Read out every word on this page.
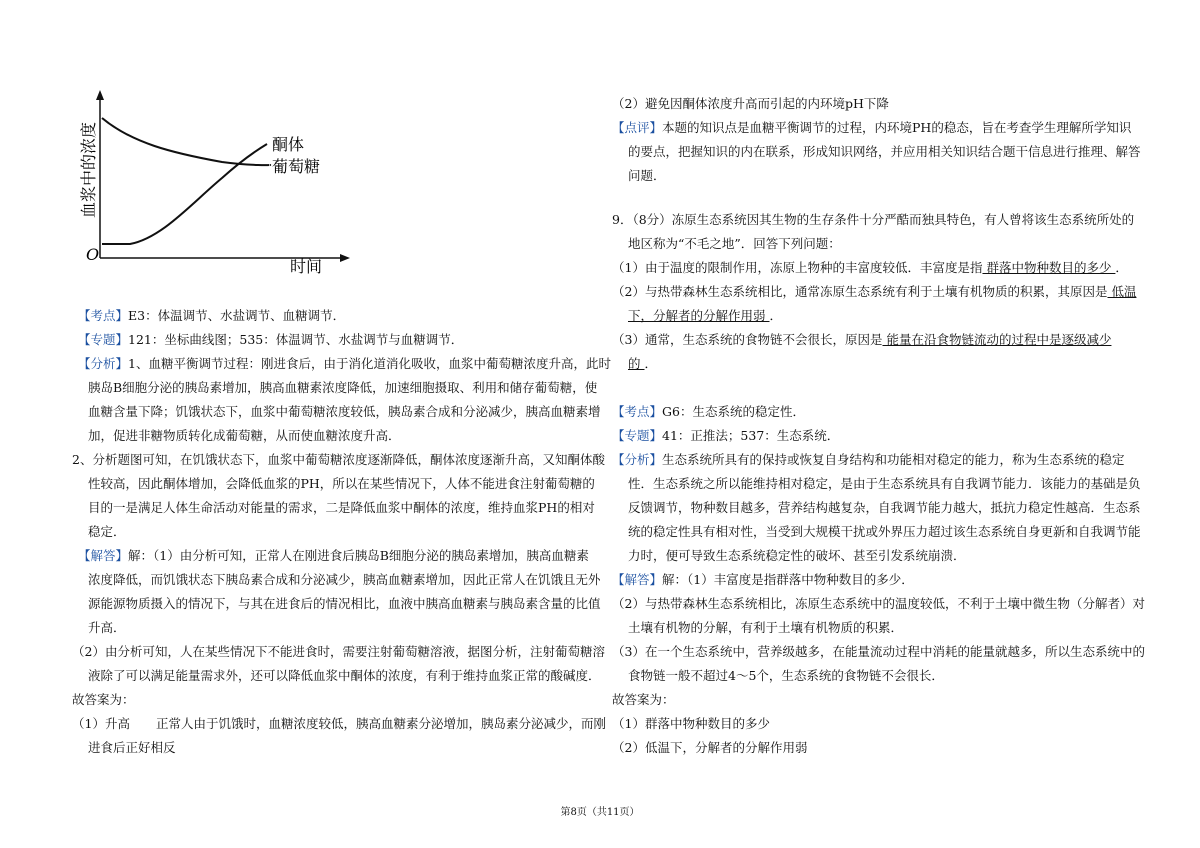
血浆中的浓度
O
时间
酮体
葡萄糖
【考点】E3：体温调节、水盐调节、血糖调节．
【专题】121：坐标曲线图；535：体温调节、水盐调节与血糖调节．
【分析】1、血糖平衡调节过程：刚进食后，由于消化道消化吸收，血浆中葡萄糖浓度升高，此时
胰岛B细胞分泌的胰岛素增加，胰高血糖素浓度降低，加速细胞摄取、利用和储存葡萄糖，使
血糖含量下降；饥饿状态下，血浆中葡萄糖浓度较低，胰岛素合成和分泌减少，胰高血糖素增
加，促进非糖物质转化成葡萄糖，从而使血糖浓度升高．
2、分析题图可知，在饥饿状态下，血浆中葡萄糖浓度逐渐降低，酮体浓度逐渐升高，又知酮体酸
性较高，因此酮体增加，会降低血浆的PH，所以在某些情况下，人体不能进食注射葡萄糖的
目的一是满足人体生命活动对能量的需求，二是降低血浆中酮体的浓度，维持血浆PH的相对
稳定．
【解答】解：（1）由分析可知，正常人在刚进食后胰岛B细胞分泌的胰岛素增加，胰高血糖素
浓度降低，而饥饿状态下胰岛素合成和分泌减少，胰高血糖素增加，因此正常人在饥饿且无外
源能源物质摄入的情况下，与其在进食后的情况相比，血液中胰高血糖素与胰岛素含量的比值
升高．
（2）由分析可知，人在某些情况下不能进食时，需要注射葡萄糖溶液，据图分析，注射葡萄糖溶
液除了可以满足能量需求外，还可以降低血浆中酮体的浓度，有利于维持血浆正常的酸碱度．
故答案为：
（1）升高 正常人由于饥饿时，血糖浓度较低，胰高血糖素分泌增加，胰岛素分泌减少，而刚
进食后正好相反
（2）避免因酮体浓度升高而引起的内环境pH下降
【点评】本题的知识点是血糖平衡调节的过程，内环境PH的稳态，旨在考查学生理解所学知识
的要点，把握知识的内在联系，形成知识网络，并应用相关知识结合题干信息进行推理、解答
问题．
9．（8分）冻原生态系统因其生物的生存条件十分严酷而独具特色，有人曾将该生态系统所处的
地区称为“不毛之地”．回答下列问题：
（1）由于温度的限制作用，冻原上物种的丰富度较低．丰富度是指 群落中物种数目的多少 ．
（2）与热带森林生态系统相比，通常冻原生态系统有利于土壤有机物质的积累，其原因是 低温
下，分解者的分解作用弱 ．
（3）通常，生态系统的食物链不会很长，原因是 能量在沿食物链流动的过程中是逐级减少
的 ．
【考点】G6：生态系统的稳定性．
【专题】41：正推法；537：生态系统．
【分析】生态系统所具有的保持或恢复自身结构和功能相对稳定的能力，称为生态系统的稳定
性．生态系统之所以能维持相对稳定，是由于生态系统具有自我调节能力．该能力的基础是负
反馈调节，物种数目越多，营养结构越复杂，自我调节能力越大，抵抗力稳定性越高．生态系
统的稳定性具有相对性，当受到大规模干扰或外界压力超过该生态系统自身更新和自我调节能
力时，便可导致生态系统稳定性的破坏、甚至引发系统崩溃．
【解答】解：（1）丰富度是指群落中物种数目的多少．
（2）与热带森林生态系统相比，冻原生态系统中的温度较低，不利于土壤中微生物（分解者）对
土壤有机物的分解，有利于土壤有机物质的积累．
（3）在一个生态系统中，营养级越多，在能量流动过程中消耗的能量就越多，所以生态系统中的
食物链一般不超过4～5个，生态系统的食物链不会很长．
故答案为：
（1）群落中物种数目的多少
（2）低温下，分解者的分解作用弱
第8页（共11页）
